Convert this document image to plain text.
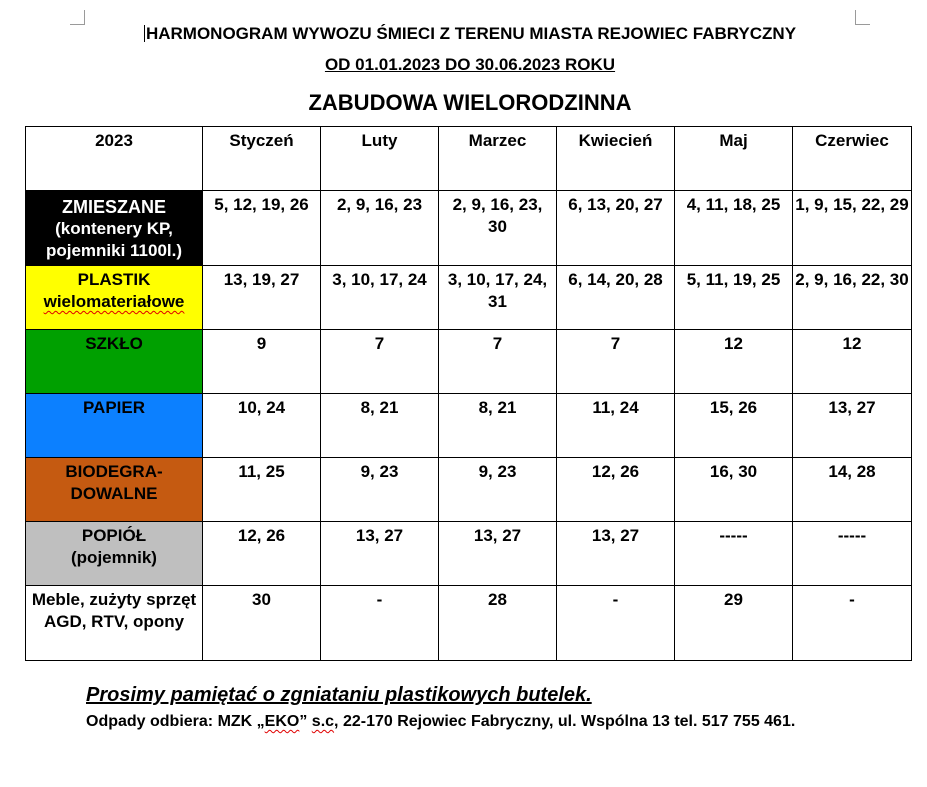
HARMONOGRAM WYWOZU ŚMIECI Z TERENU MIASTA REJOWIEC FABRYCZNY
OD 01.01.2023 DO 30.06.2023 ROKU
ZABUDOWA WIELORODZINNA
2023	Styczeń	Luty	Marzec	Kwiecień	Maj	Czerwiec

ZMIESZANE
(kontenery KP, pojemniki 1100l.)	5, 12, 19, 26	2, 9, 16, 23	2, 9, 16, 23, 30	6, 13, 20, 27	4, 11, 18, 25	1, 9, 15, 22, 29

PLASTIK
wielomateriałowe	13, 19, 27	3, 10, 17, 24	3, 10, 17, 24, 31	6, 14, 20, 28	5, 11, 19, 25	2, 9, 16, 22, 30

SZKŁO	9	7	7	7	12	12

PAPIER	10, 24	8, 21	8, 21	11, 24	15, 26	13, 27

BIODEGRA-
DOWALNE	11, 25	9, 23	9, 23	12, 26	16, 30	14, 28

POPIÓŁ
(pojemnik)	12, 26	13, 27	13, 27	13, 27	-----	-----

Meble, zużyty sprzęt AGD, RTV, opony	30	-	28	-	29	-
Prosimy pamiętać o zgniataniu plastikowych butelek.
Odpady odbiera: MZK „EKO” s.c, 22-170 Rejowiec Fabryczny, ul. Wspólna 13 tel. 517 755 461.
